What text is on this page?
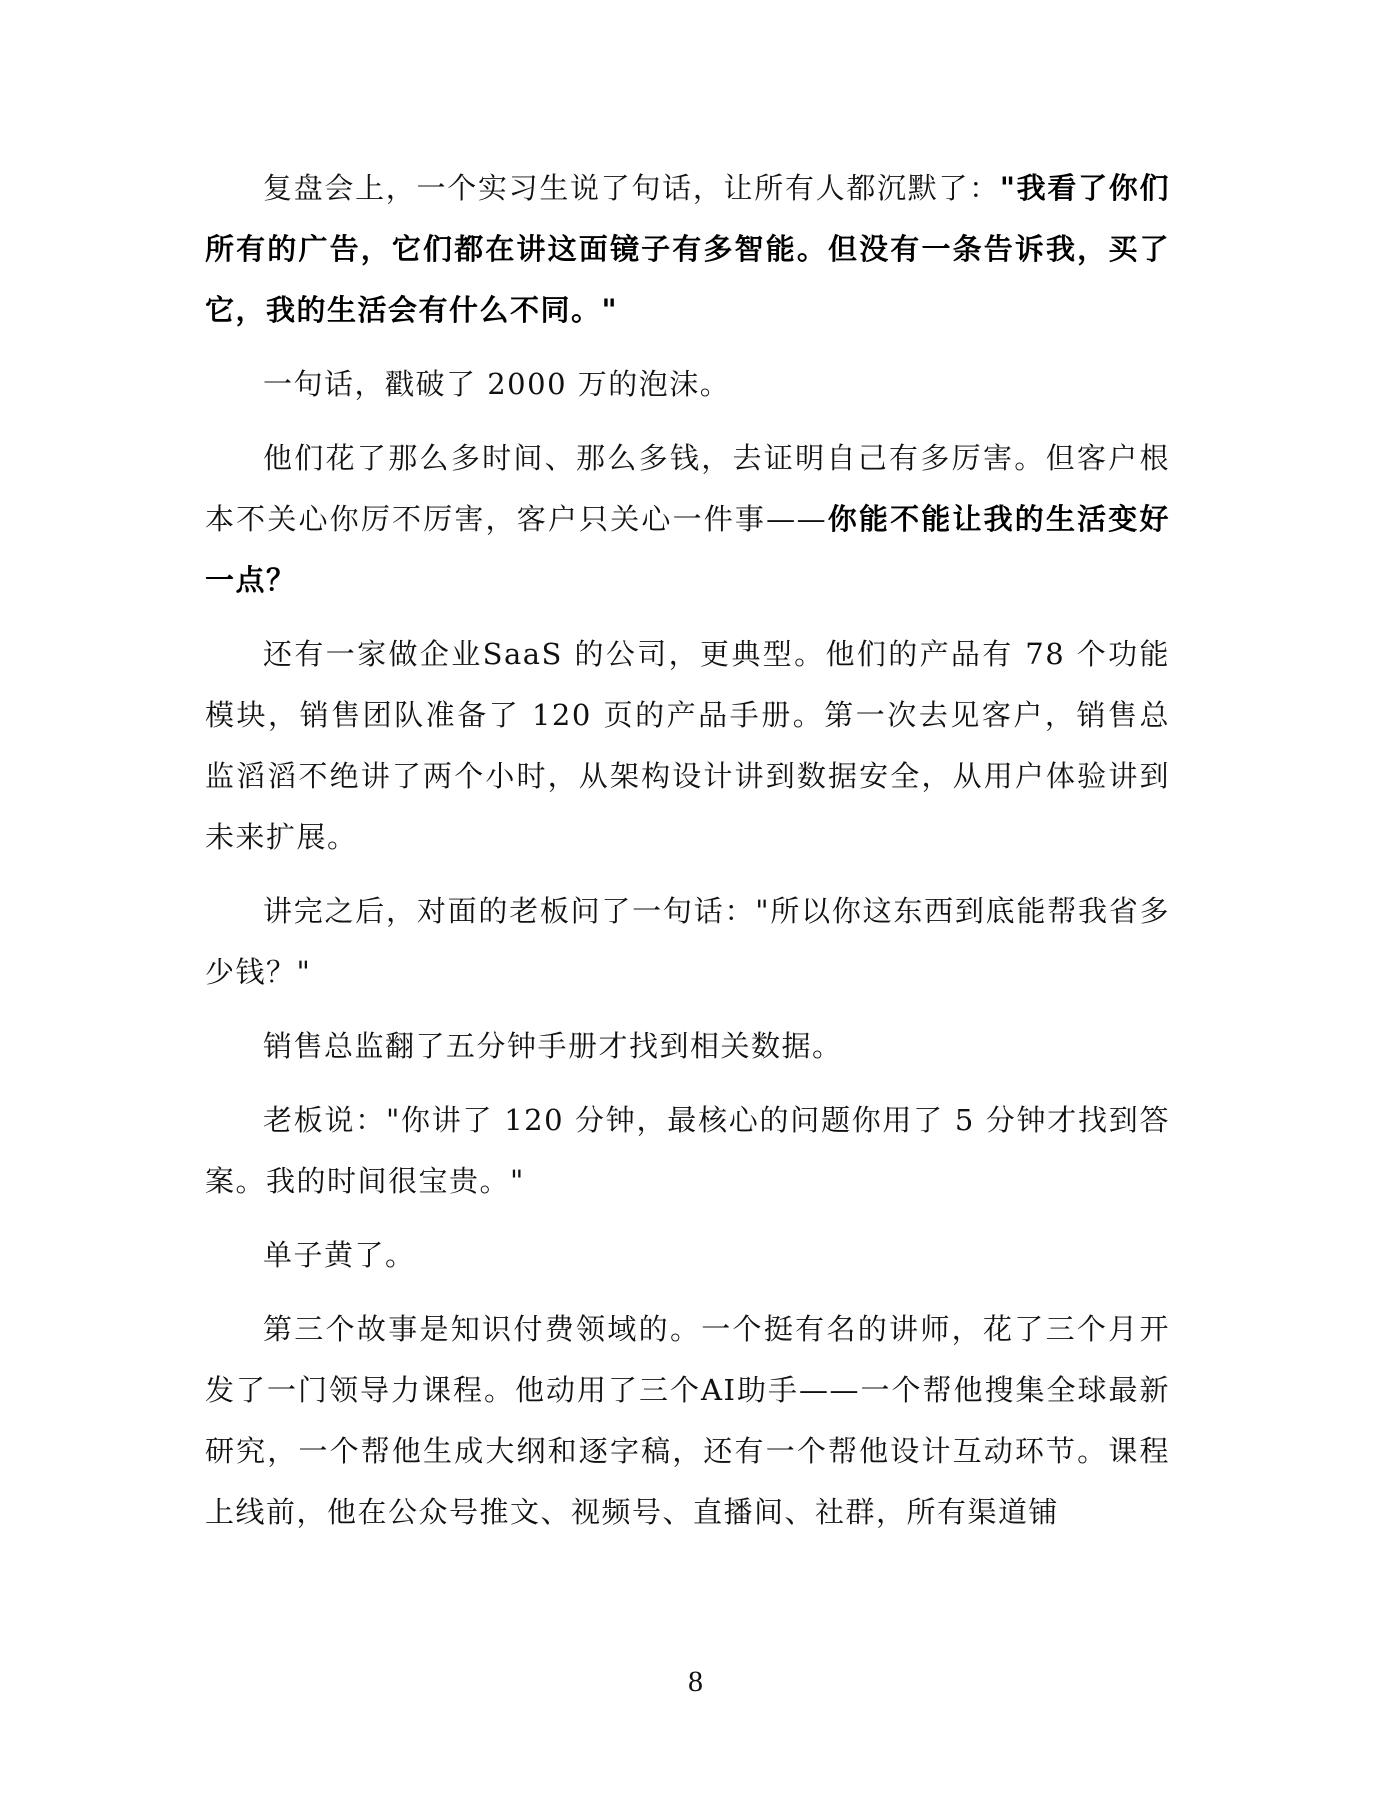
复盘会上，一个实习生说了句话，让所有人都沉默了："我看了你们所有的广告，它们都在讲这面镜子有多智能。但没有一条告诉我，买了它，我的生活会有什么不同。"

一句话，戳破了 2000 万的泡沫。

他们花了那么多时间、那么多钱，去证明自己有多厉害。但客户根本不关心你厉不厉害，客户只关心一件事——你能不能让我的生活变好一点？

还有一家做企业SaaS 的公司，更典型。他们的产品有 78 个功能模块，销售团队准备了 120 页的产品手册。第一次去见客户，销售总监滔滔不绝讲了两个小时，从架构设计讲到数据安全，从用户体验讲到未来扩展。

讲完之后，对面的老板问了一句话："所以你这东西到底能帮我省多少钱？"

销售总监翻了五分钟手册才找到相关数据。

老板说："你讲了 120 分钟，最核心的问题你用了 5 分钟才找到答案。我的时间很宝贵。"

单子黄了。

第三个故事是知识付费领域的。一个挺有名的讲师，花了三个月开发了一门领导力课程。他动用了三个AI助手——一个帮他搜集全球最新研究，一个帮他生成大纲和逐字稿，还有一个帮他设计互动环节。课程上线前，他在公众号推文、视频号、直播间、社群，所有渠道铺

8
